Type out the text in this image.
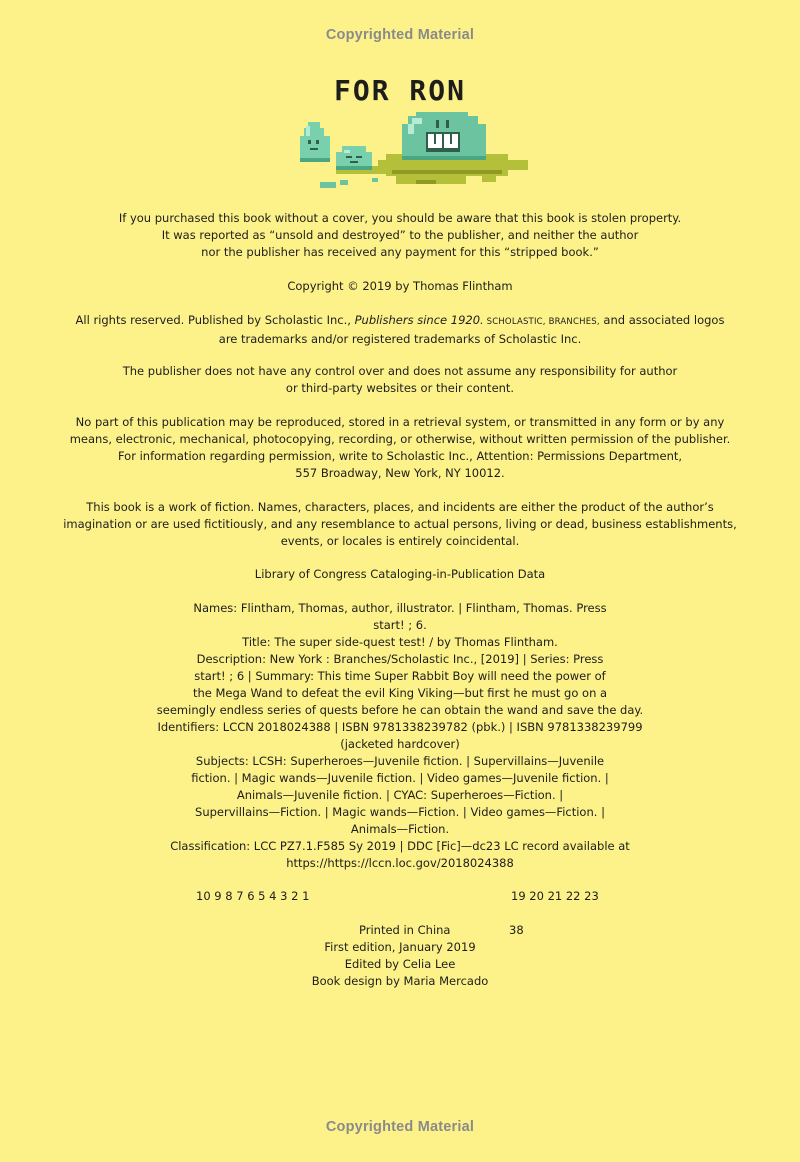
Copyrighted Material
FOR RON
If you purchased this book without a cover, you should be aware that this book is stolen property.
It was reported as “unsold and destroyed” to the publisher, and neither the author
nor the publisher has received any payment for this “stripped book.”
Copyright © 2019 by Thomas Flintham
All rights reserved. Published by Scholastic Inc., Publishers since 1920. SCHOLASTIC, BRANCHES, and associated logos
are trademarks and/or registered trademarks of Scholastic Inc.
The publisher does not have any control over and does not assume any responsibility for author
or third-party websites or their content.
No part of this publication may be reproduced, stored in a retrieval system, or transmitted in any form or by any
means, electronic, mechanical, photocopying, recording, or otherwise, without written permission of the publisher.
For information regarding permission, write to Scholastic Inc., Attention: Permissions Department,
557 Broadway, New York, NY 10012.
This book is a work of fiction. Names, characters, places, and incidents are either the product of the author’s
imagination or are used fictitiously, and any resemblance to actual persons, living or dead, business establishments,
events, or locales is entirely coincidental.
Library of Congress Cataloging-in-Publication Data
Names: Flintham, Thomas, author, illustrator. | Flintham, Thomas. Press
start! ; 6.
Title: The super side-quest test! / by Thomas Flintham.
Description: New York : Branches/Scholastic Inc., [2019] | Series: Press
start! ; 6 | Summary: This time Super Rabbit Boy will need the power of
the Mega Wand to defeat the evil King Viking—but first he must go on a
seemingly endless series of quests before he can obtain the wand and save the day.
Identifiers: LCCN 2018024388 | ISBN 9781338239782 (pbk.) | ISBN 9781338239799
(jacketed hardcover)
Subjects: LCSH: Superheroes—Juvenile fiction. | Supervillains—Juvenile
fiction. | Magic wands—Juvenile fiction. | Video games—Juvenile fiction. |
Animals—Juvenile fiction. | CYAC: Superheroes—Fiction. |
Supervillains—Fiction. | Magic wands—Fiction. | Video games—Fiction. |
Animals—Fiction.
Classification: LCC PZ7.1.F585 Sy 2019 | DDC [Fic]—dc23 LC record available at
https://https://lccn.loc.gov/2018024388
10 9 8 7 6 5 4 3 2 1	19 20 21 22 23
Printed in China	38
First edition, January 2019
Edited by Celia Lee
Book design by Maria Mercado
Copyrighted Material
